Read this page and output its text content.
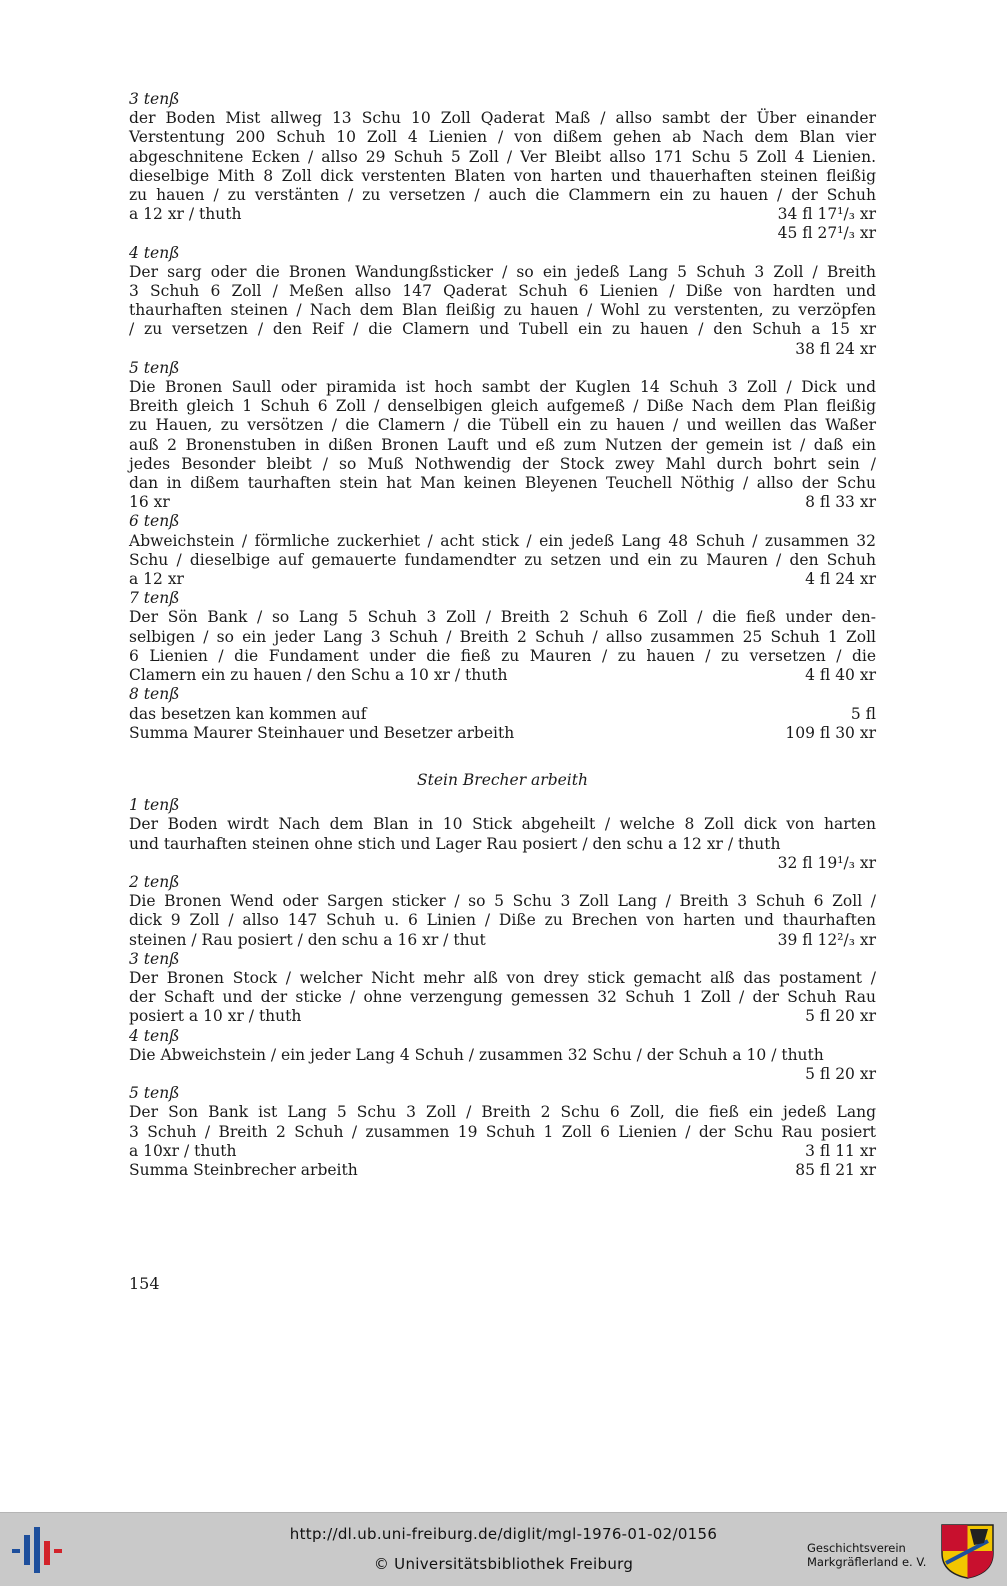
3 tenß
der Boden Mist allweg 13 Schu 10 Zoll Qaderat Maß / allso sambt der Über einander
Verstentung 200 Schuh 10 Zoll 4 Lienien / von dißem gehen ab Nach dem Blan vier
abgeschnitene Ecken / allso 29 Schuh 5 Zoll / Ver Bleibt allso 171 Schu 5 Zoll 4 Lienien.
dieselbige Mith 8 Zoll dick verstenten Blaten von harten und thauerhaften steinen fleißig
zu hauen / zu verstänten / zu versetzen / auch die Clammern ein zu hauen / der Schuh
a 12 xr / thuth	34 fl 17¹/₃ xr
45 fl 27¹/₃ xr
4 tenß
Der sarg oder die Bronen Wandungßsticker / so ein jedeß Lang 5 Schuh 3 Zoll / Breith
3 Schuh 6 Zoll / Meßen allso 147 Qaderat Schuh 6 Lienien / Diße von hardten und
thaurhaften steinen / Nach dem Blan fleißig zu hauen / Wohl zu verstenten, zu verzöpfen
/ zu versetzen / den Reif / die Clamern und Tubell ein zu hauen / den Schuh a 15 xr
38 fl 24 xr
5 tenß
Die Bronen Saull oder piramida ist hoch sambt der Kuglen 14 Schuh 3 Zoll / Dick und
Breith gleich 1 Schuh 6 Zoll / denselbigen gleich aufgemeß / Diße Nach dem Plan fleißig
zu Hauen, zu versötzen / die Clamern / die Tübell ein zu hauen / und weillen das Waßer
auß 2 Bronenstuben in dißen Bronen Lauft und eß zum Nutzen der gemein ist / daß ein
jedes Besonder bleibt / so Muß Nothwendig der Stock zwey Mahl durch bohrt sein /
dan in dißem taurhaften stein hat Man keinen Bleyenen Teuchell Nöthig / allso der Schu
16 xr	8 fl 33 xr
6 tenß
Abweichstein / förmliche zuckerhiet / acht stick / ein jedeß Lang 48 Schuh / zusammen 32
Schu / dieselbige auf gemauerte fundamendter zu setzen und ein zu Mauren / den Schuh
a 12 xr	4 fl 24 xr
7 tenß
Der Sön Bank / so Lang 5 Schuh 3 Zoll / Breith 2 Schuh 6 Zoll / die fieß under den-
selbigen / so ein jeder Lang 3 Schuh / Breith 2 Schuh / allso zusammen 25 Schuh 1 Zoll
6 Lienien / die Fundament under die fieß zu Mauren / zu hauen / zu versetzen / die
Clamern ein zu hauen / den Schu a 10 xr / thuth	4 fl 40 xr
8 tenß
das besetzen kan kommen auf	5 fl
Summa Maurer Steinhauer und Besetzer arbeith	109 fl 30 xr
Stein Brecher arbeith
1 tenß
Der Boden wirdt Nach dem Blan in 10 Stick abgeheilt / welche 8 Zoll dick von harten
und taurhaften steinen ohne stich und Lager Rau posiert / den schu a 12 xr / thuth
32 fl 19¹/₃ xr
2 tenß
Die Bronen Wend oder Sargen sticker / so 5 Schu 3 Zoll Lang / Breith 3 Schuh 6 Zoll /
dick 9 Zoll / allso 147 Schuh u. 6 Linien / Diße zu Brechen von harten und thaurhaften
steinen / Rau posiert / den schu a 16 xr / thut	39 fl 12²/₃ xr
3 tenß
Der Bronen Stock / welcher Nicht mehr alß von drey stick gemacht alß das postament /
der Schaft und der sticke / ohne verzengung gemessen 32 Schuh 1 Zoll / der Schuh Rau
posiert a 10 xr / thuth	5 fl 20 xr
4 tenß
Die Abweichstein / ein jeder Lang 4 Schuh / zusammen 32 Schu / der Schuh a 10 / thuth
5 fl 20 xr
5 tenß
Der Son Bank ist Lang 5 Schu 3 Zoll / Breith 2 Schu 6 Zoll, die fieß ein jedeß Lang
3 Schuh / Breith 2 Schuh / zusammen 19 Schuh 1 Zoll 6 Lienien / der Schu Rau posiert
a 10xr / thuth	3 fl 11 xr
Summa Steinbrecher arbeith	85 fl 21 xr
154
http://dl.ub.uni-freiburg.de/diglit/mgl-1976-01-02/0156
© Universitätsbibliothek Freiburg
Geschichtsverein
Markgräflerland e. V.
